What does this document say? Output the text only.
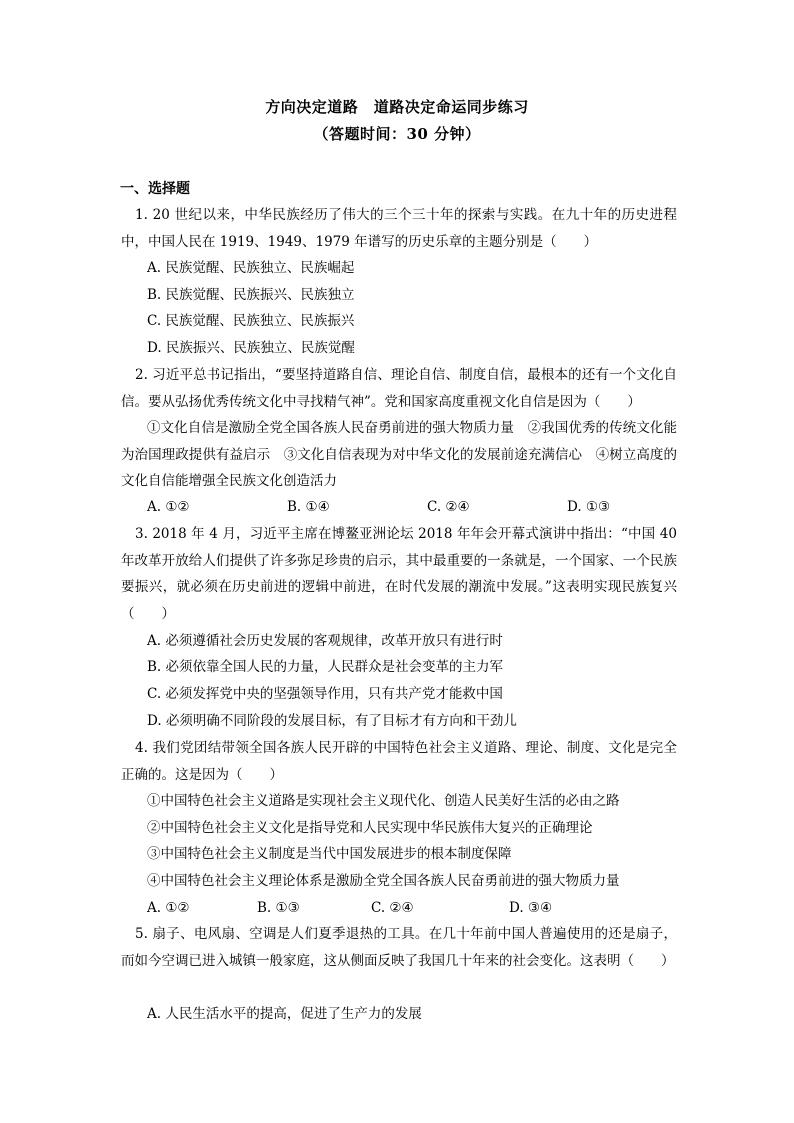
方向决定道路　道路决定命运同步练习
（答题时间：30 分钟）
一、选择题
1. 20 世纪以来，中华民族经历了伟大的三个三十年的探索与实践。在九十年的历史进程中，中国人民在 1919、1949、1979 年谱写的历史乐章的主题分别是（　　）
A. 民族觉醒、民族独立、民族崛起
B. 民族觉醒、民族振兴、民族独立
C. 民族觉醒、民族独立、民族振兴
D. 民族振兴、民族独立、民族觉醒
2. 习近平总书记指出，“要坚持道路自信、理论自信、制度自信，最根本的还有一个文化自信。要从弘扬优秀传统文化中寻找精气神”。党和国家高度重视文化自信是因为（　　）
①文化自信是激励全党全国各族人民奋勇前进的强大物质力量　②我国优秀的传统文化能为治国理政提供有益启示　③文化自信表现为对中华文化的发展前途充满信心　④树立高度的文化自信能增强全民族文化创造活力
A. ①②	B. ①④	C. ②④	D. ①③
3. 2018 年 4 月，习近平主席在博鳌亚洲论坛 2018 年年会开幕式演讲中指出：“中国 40 年改革开放给人们提供了许多弥足珍贵的启示，其中最重要的一条就是，一个国家、一个民族要振兴，就必须在历史前进的逻辑中前进，在时代发展的潮流中发展。”这表明实现民族复兴（　　）
A. 必须遵循社会历史发展的客观规律，改革开放只有进行时
B. 必须依靠全国人民的力量，人民群众是社会变革的主力军
C. 必须发挥党中央的坚强领导作用，只有共产党才能救中国
D. 必须明确不同阶段的发展目标，有了目标才有方向和干劲儿
4. 我们党团结带领全国各族人民开辟的中国特色社会主义道路、理论、制度、文化是完全正确的。这是因为（　　）
①中国特色社会主义道路是实现社会主义现代化、创造人民美好生活的必由之路
②中国特色社会主义文化是指导党和人民实现中华民族伟大复兴的正确理论
③中国特色社会主义制度是当代中国发展进步的根本制度保障
④中国特色社会主义理论体系是激励全党全国各族人民奋勇前进的强大物质力量
A. ①②	B. ①③	C. ②④	D. ③④
5. 扇子、电风扇、空调是人们夏季退热的工具。在几十年前中国人普遍使用的还是扇子，而如今空调已进入城镇一般家庭，这从侧面反映了我国几十年来的社会变化。这表明（　　）
A. 人民生活水平的提高，促进了生产力的发展
